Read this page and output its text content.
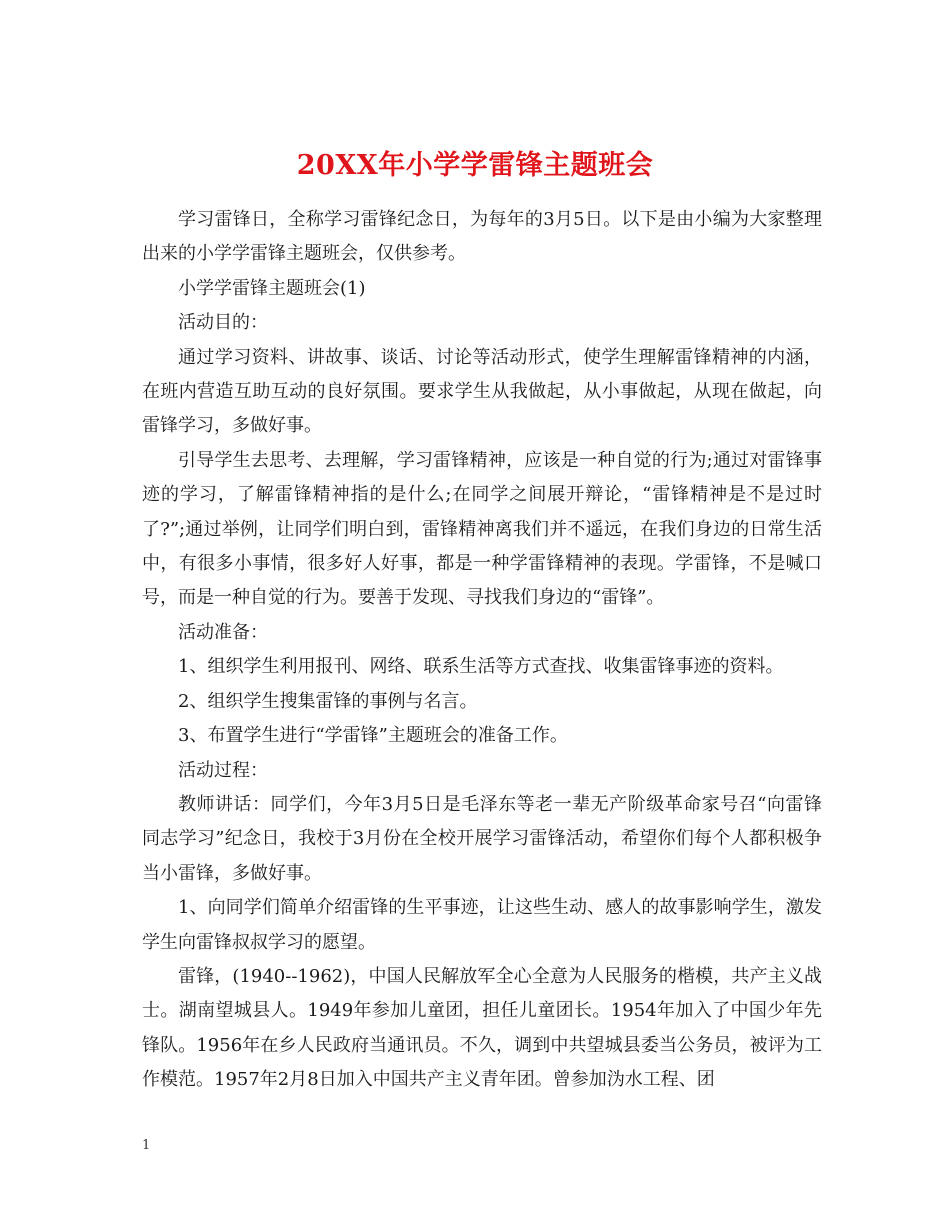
20XX年小学学雷锋主题班会

学习雷锋日，全称学习雷锋纪念日，为每年的3月5日。以下是由小编为大家整理出来的小学学雷锋主题班会，仅供参考。

小学学雷锋主题班会(1)

活动目的：

通过学习资料、讲故事、谈话、讨论等活动形式，使学生理解雷锋精神的内涵，在班内营造互助互动的良好氛围。要求学生从我做起，从小事做起，从现在做起，向雷锋学习，多做好事。

引导学生去思考、去理解，学习雷锋精神，应该是一种自觉的行为;通过对雷锋事迹的学习，了解雷锋精神指的是什么;在同学之间展开辩论，“雷锋精神是不是过时了?”;通过举例，让同学们明白到，雷锋精神离我们并不遥远，在我们身边的日常生活中，有很多小事情，很多好人好事，都是一种学雷锋精神的表现。学雷锋，不是喊口号，而是一种自觉的行为。要善于发现、寻找我们身边的“雷锋”。

活动准备：

1、组织学生利用报刊、网络、联系生活等方式查找、收集雷锋事迹的资料。

2、组织学生搜集雷锋的事例与名言。

3、布置学生进行“学雷锋”主题班会的准备工作。

活动过程：

教师讲话：同学们，今年3月5日是毛泽东等老一辈无产阶级革命家号召“向雷锋同志学习”纪念日，我校于3月份在全校开展学习雷锋活动，希望你们每个人都积极争当小雷锋，多做好事。

1、向同学们简单介绍雷锋的生平事迹，让这些生动、感人的故事影响学生，激发学生向雷锋叔叔学习的愿望。

雷锋，(1940--1962)，中国人民解放军全心全意为人民服务的楷模，共产主义战士。湖南望城县人。1949年参加儿童团，担任儿童团长。1954年加入了中国少年先锋队。1956年在乡人民政府当通讯员。不久，调到中共望城县委当公务员，被评为工作模范。1957年2月8日加入中国共产主义青年团。曾参加沩水工程、团

1
